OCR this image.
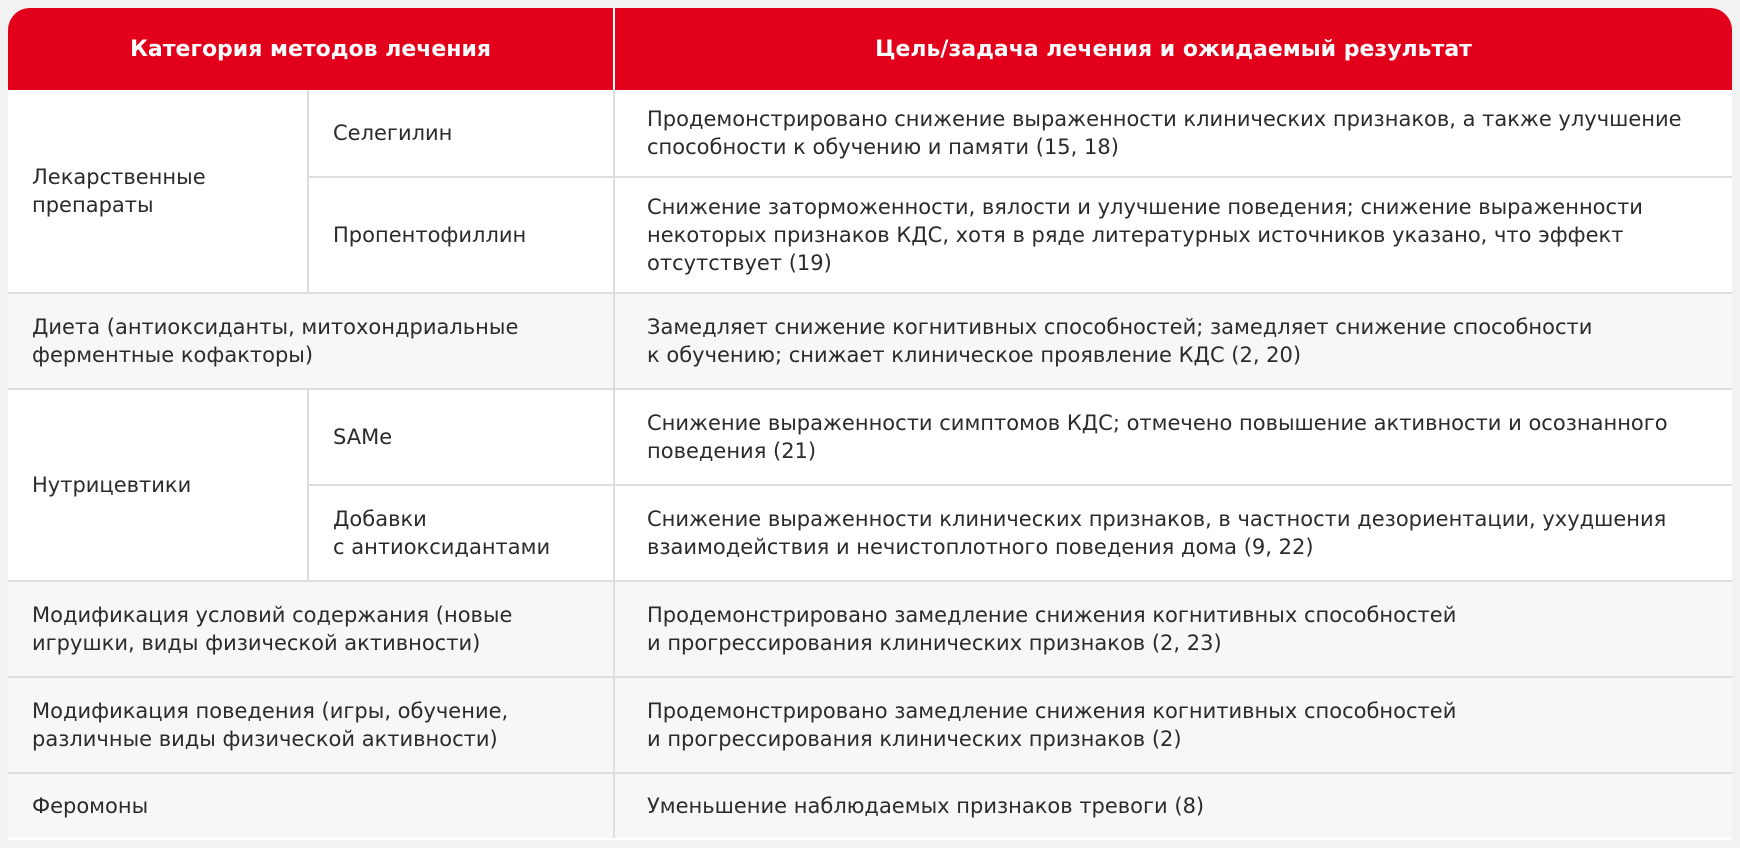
Категория методов лечения		Цель/задача лечения и ожидаемый результат
Лекарственные
препараты	Селегилин	Продемонстрировано снижение выраженности клинических признаков, а также улучшение
способности к обучению и памяти (15, 18)
	Пропентофиллин	Снижение заторможенности, вялости и улучшение поведения; снижение выраженности
некоторых признаков КДС, хотя в ряде литературных источников указано, что эффект
отсутствует (19)
Диета (антиоксиданты, митохондриальные
ферментные кофакторы)		Замедляет снижение когнитивных способностей; замедляет снижение способности
к обучению; снижает клиническое проявление КДС (2, 20)
Нутрицевтики	SAMe	Снижение выраженности симптомов КДС; отмечено повышение активности и осознанного
поведения (21)
	Добавки
с антиоксидантами	Снижение выраженности клинических признаков, в частности дезориентации, ухудшения
взаимодействия и нечистоплотного поведения дома (9, 22)
Модификация условий содержания (новые
игрушки, виды физической активности)		Продемонстрировано замедление снижения когнитивных способностей
и прогрессирования клинических признаков (2, 23)
Модификация поведения (игры, обучение,
различные виды физической активности)		Продемонстрировано замедление снижения когнитивных способностей
и прогрессирования клинических признаков (2)
Феромоны		Уменьшение наблюдаемых признаков тревоги (8)
